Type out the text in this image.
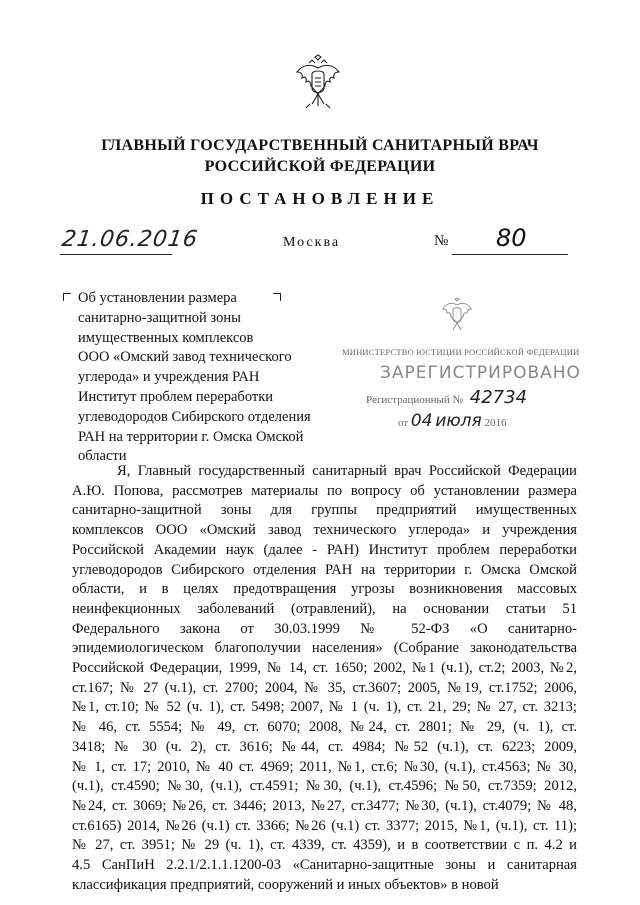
ГЛАВНЫЙ ГОСУДАРСТВЕННЫЙ САНИТАРНЫЙ ВРАЧ
РОССИЙСКОЙ ФЕДЕРАЦИИ
ПОСТАНОВЛЕНИЕ
21.06.2016	Москва	№ 80
Об установлении размера
санитарно-защитной зоны
имущественных комплексов
ООО «Омский завод технического
углерода» и учреждения РАН
Институт проблем переработки
углеводородов Сибирского отделения
РАН на территории г. Омска Омской
области
МИНИСТЕРСТВО ЮСТИЦИИ РОССИЙСКОЙ ФЕДЕРАЦИИ
ЗАРЕГИСТРИРОВАНО
Регистрационный № 42734
от 04 июля 2016
Я, Главный государственный санитарный врач Российской Федерации
А.Ю. Попова, рассмотрев материалы по вопросу об установлении размера
санитарно-защитной зоны для группы предприятий имущественных
комплексов ООО «Омский завод технического углерода» и учреждения
Российской Академии наук (далее - РАН) Институт проблем переработки
углеводородов Сибирского отделения РАН на территории г. Омска Омской
области, и в целях предотвращения угрозы возникновения массовых
неинфекционных заболеваний (отравлений), на основании статьи 51
Федерального закона от 30.03.1999 № 52-ФЗ «О санитарно-
эпидемиологическом благополучии населения» (Собрание законодательства
Российской Федерации, 1999, № 14, ст. 1650; 2002, №1 (ч.1), ст.2; 2003, №2,
ст.167; № 27 (ч.1), ст. 2700; 2004, № 35, ст.3607; 2005, №19, ст.1752; 2006,
№1, ст.10; № 52 (ч. 1), ст. 5498; 2007, № 1 (ч. 1), ст. 21, 29; № 27, ст. 3213;
№ 46, ст. 5554; № 49, ст. 6070; 2008, №24, ст. 2801; № 29, (ч. 1), ст.
3418; № 30 (ч. 2), ст. 3616; №44, ст. 4984; №52 (ч.1), ст. 6223; 2009,
№ 1, ст. 17; 2010, № 40 ст. 4969; 2011, №1, ст.6; №30, (ч.1), ст.4563; № 30,
(ч.1), ст.4590; №30, (ч.1), ст.4591; №30, (ч.1), ст.4596; №50, ст.7359; 2012,
№24, ст. 3069; №26, ст. 3446; 2013, №27, ст.3477; №30, (ч.1), ст.4079; № 48,
ст.6165) 2014, №26 (ч.1) ст. 3366; №26 (ч.1) ст. 3377; 2015, №1, (ч.1), ст. 11);
№ 27, ст. 3951; № 29 (ч. 1), ст. 4339, ст. 4359), и в соответствии с п. 4.2 и
4.5 СанПиН 2.2.1/2.1.1.1200-03 «Санитарно-защитные зоны и санитарная
классификация предприятий, сооружений и иных объектов» в новой
